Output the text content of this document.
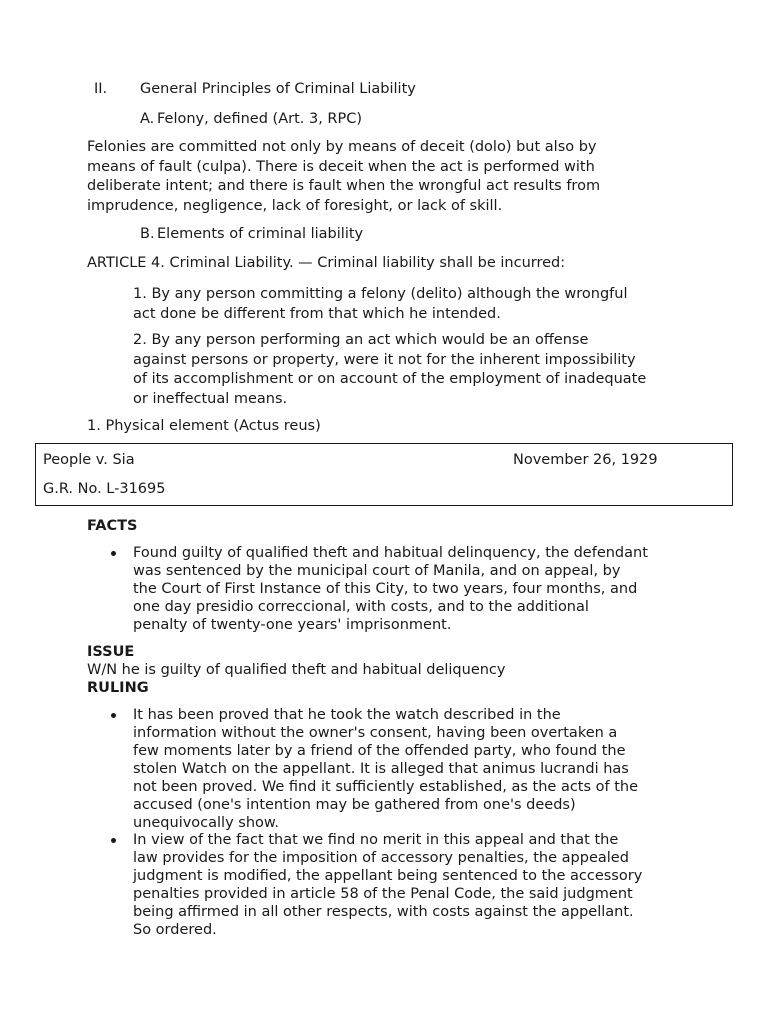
II. General Principles of Criminal Liability
A. Felony, defined (Art. 3, RPC)
Felonies are committed not only by means of deceit (dolo) but also by
means of fault (culpa). There is deceit when the act is performed with
deliberate intent; and there is fault when the wrongful act results from
imprudence, negligence, lack of foresight, or lack of skill.
B. Elements of criminal liability
ARTICLE 4. Criminal Liability. — Criminal liability shall be incurred:
1. By any person committing a felony (delito) although the wrongful
act done be different from that which he intended.
2. By any person performing an act which would be an offense
against persons or property, were it not for the inherent impossibility
of its accomplishment or on account of the employment of inadequate
or ineffectual means.
1. Physical element (Actus reus)
People v. Sia	November 26, 1929
G.R. No. L-31695
FACTS
Found guilty of qualified theft and habitual delinquency, the defendant
was sentenced by the municipal court of Manila, and on appeal, by
the Court of First Instance of this City, to two years, four months, and
one day presidio correccional, with costs, and to the additional
penalty of twenty-one years' imprisonment.
ISSUE
W/N he is guilty of qualified theft and habitual deliquency
RULING
It has been proved that he took the watch described in the
information without the owner's consent, having been overtaken a
few moments later by a friend of the offended party, who found the
stolen Watch on the appellant. It is alleged that animus lucrandi has
not been proved. We find it sufficiently established, as the acts of the
accused (one's intention may be gathered from one's deeds)
unequivocally show.
In view of the fact that we find no merit in this appeal and that the
law provides for the imposition of accessory penalties, the appealed
judgment is modified, the appellant being sentenced to the accessory
penalties provided in article 58 of the Penal Code, the said judgment
being affirmed in all other respects, with costs against the appellant.
So ordered.
